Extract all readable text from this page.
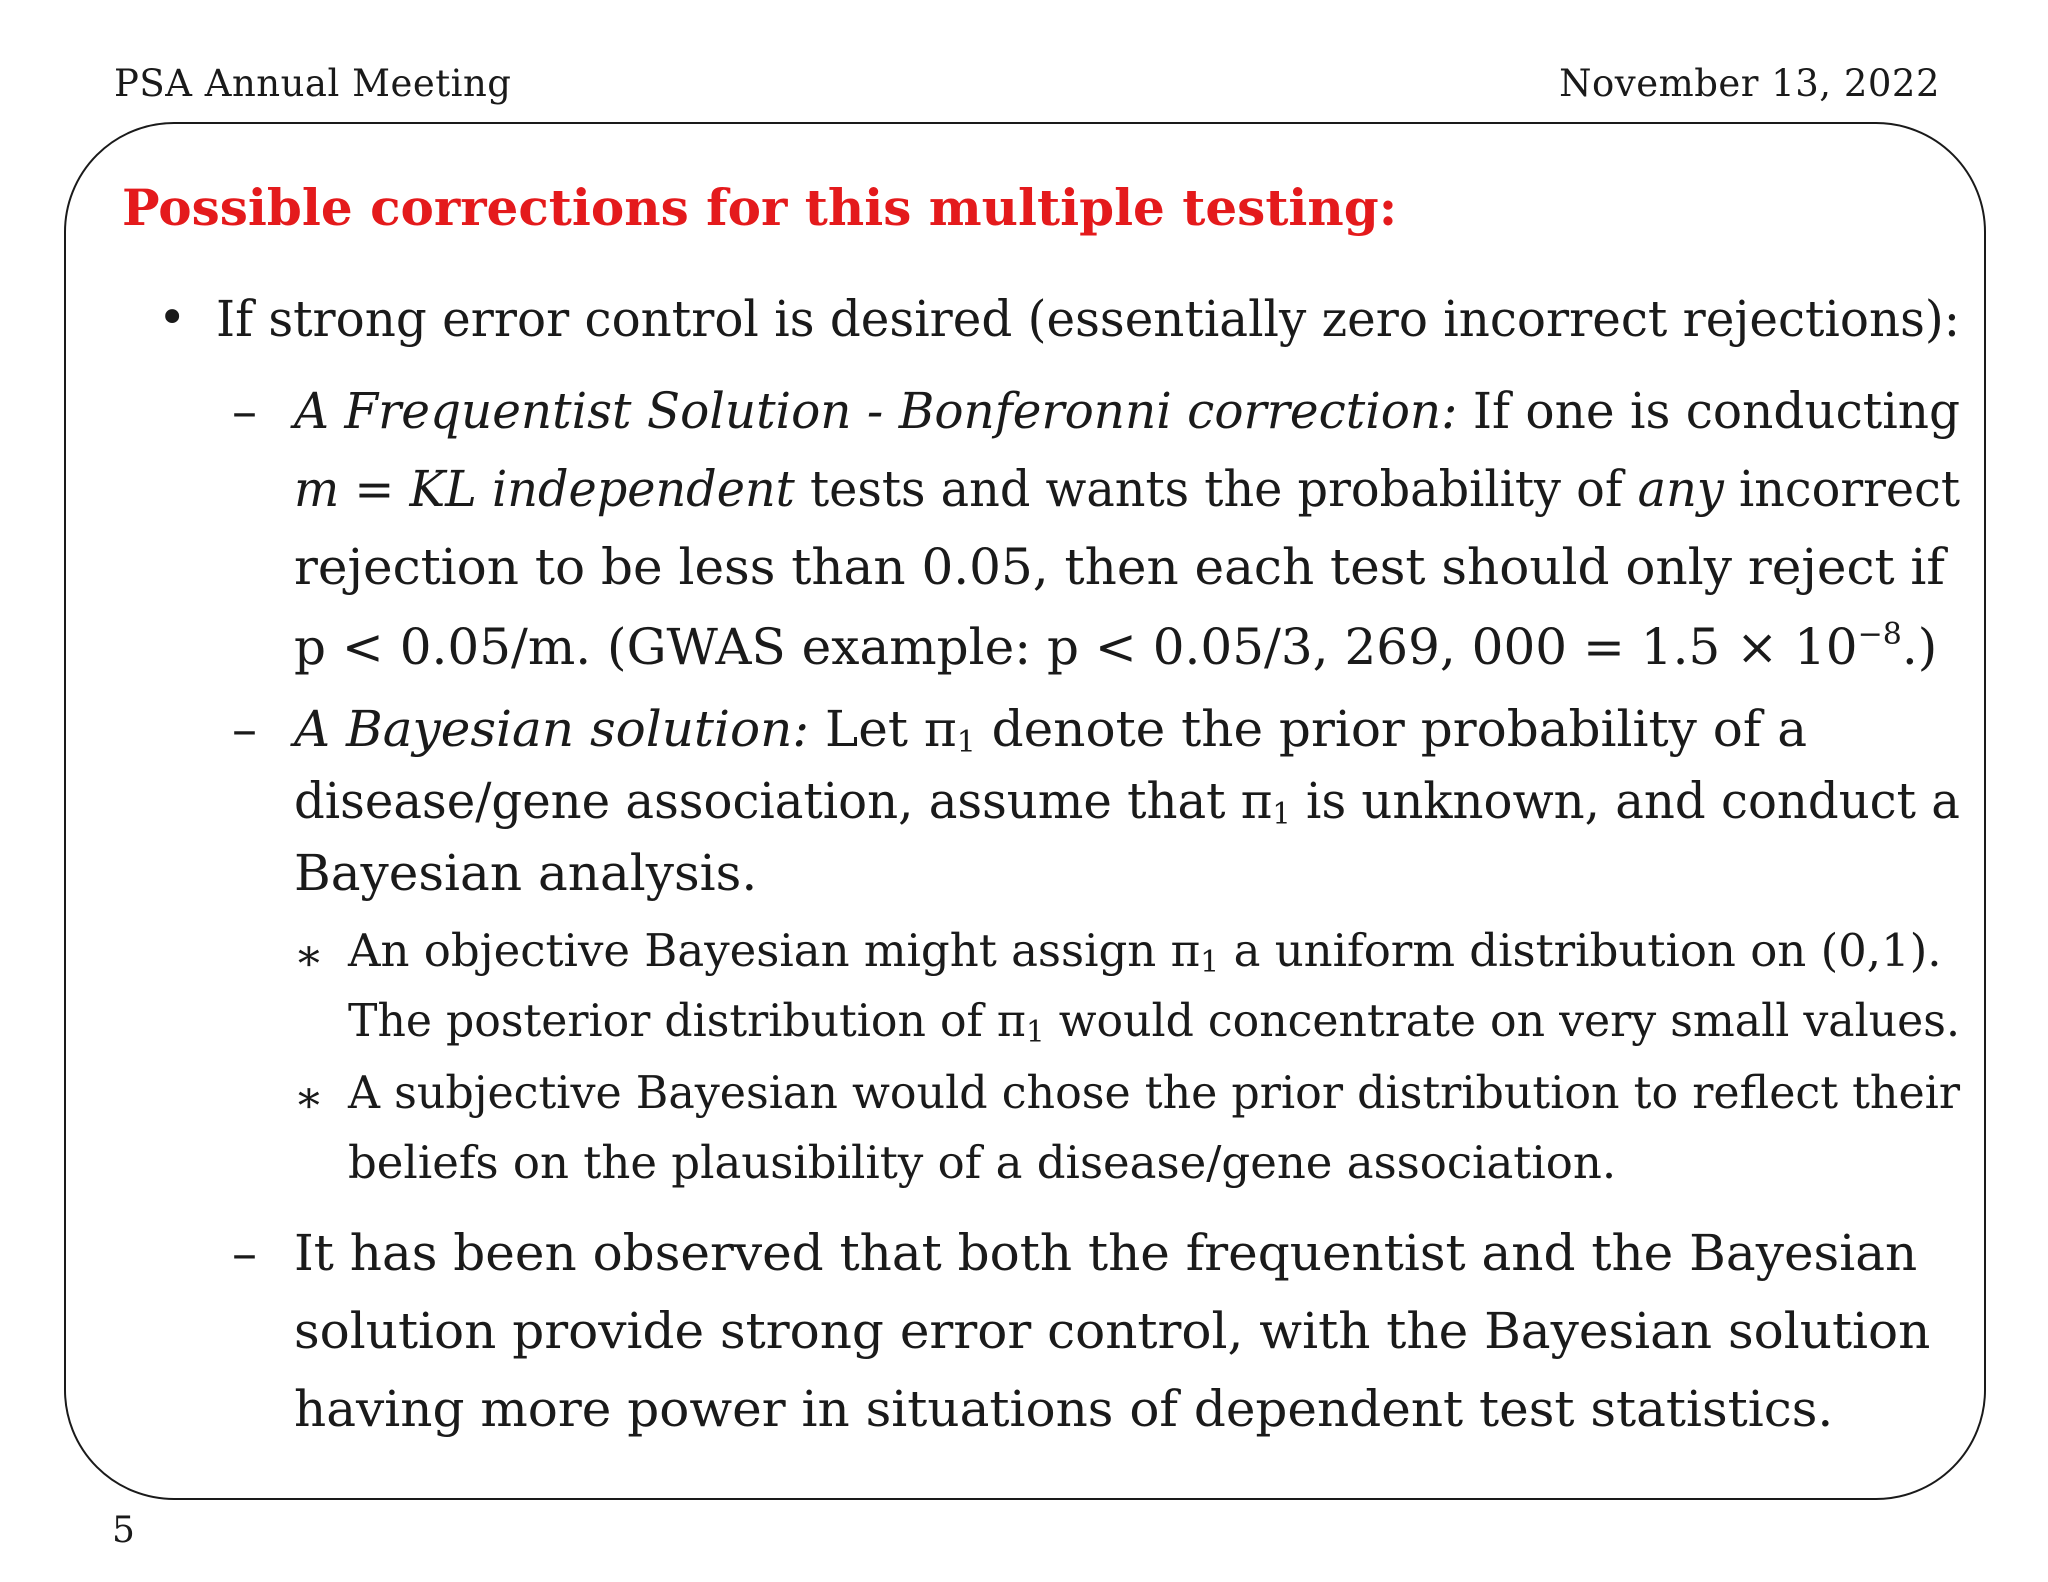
PSA Annual Meeting	November 13, 2022
Possible corrections for this multiple testing:
• If strong error control is desired (essentially zero incorrect rejections):
– A Frequentist Solution - Bonferonni correction: If one is conducting
m = KL independent tests and wants the probability of any incorrect
rejection to be less than 0.05, then each test should only reject if
p < 0.05/m. (GWAS example: p < 0.05/3, 269, $000 = 1.5 \times 10^{-8}$.)
– A Bayesian solution: Let $\pi_1$ denote the prior probability of a
disease/gene association, assume that $\pi_1$ is unknown, and conduct a
Bayesian analysis.
∗ An objective Bayesian might assign $\pi_1$ a uniform distribution on (0,1).
The posterior distribution of $\pi_1$ would concentrate on very small values.
∗ A subjective Bayesian would chose the prior distribution to reflect their
beliefs on the plausibility of a disease/gene association.
– It has been observed that both the frequentist and the Bayesian
solution provide strong error control, with the Bayesian solution
having more power in situations of dependent test statistics.
5
